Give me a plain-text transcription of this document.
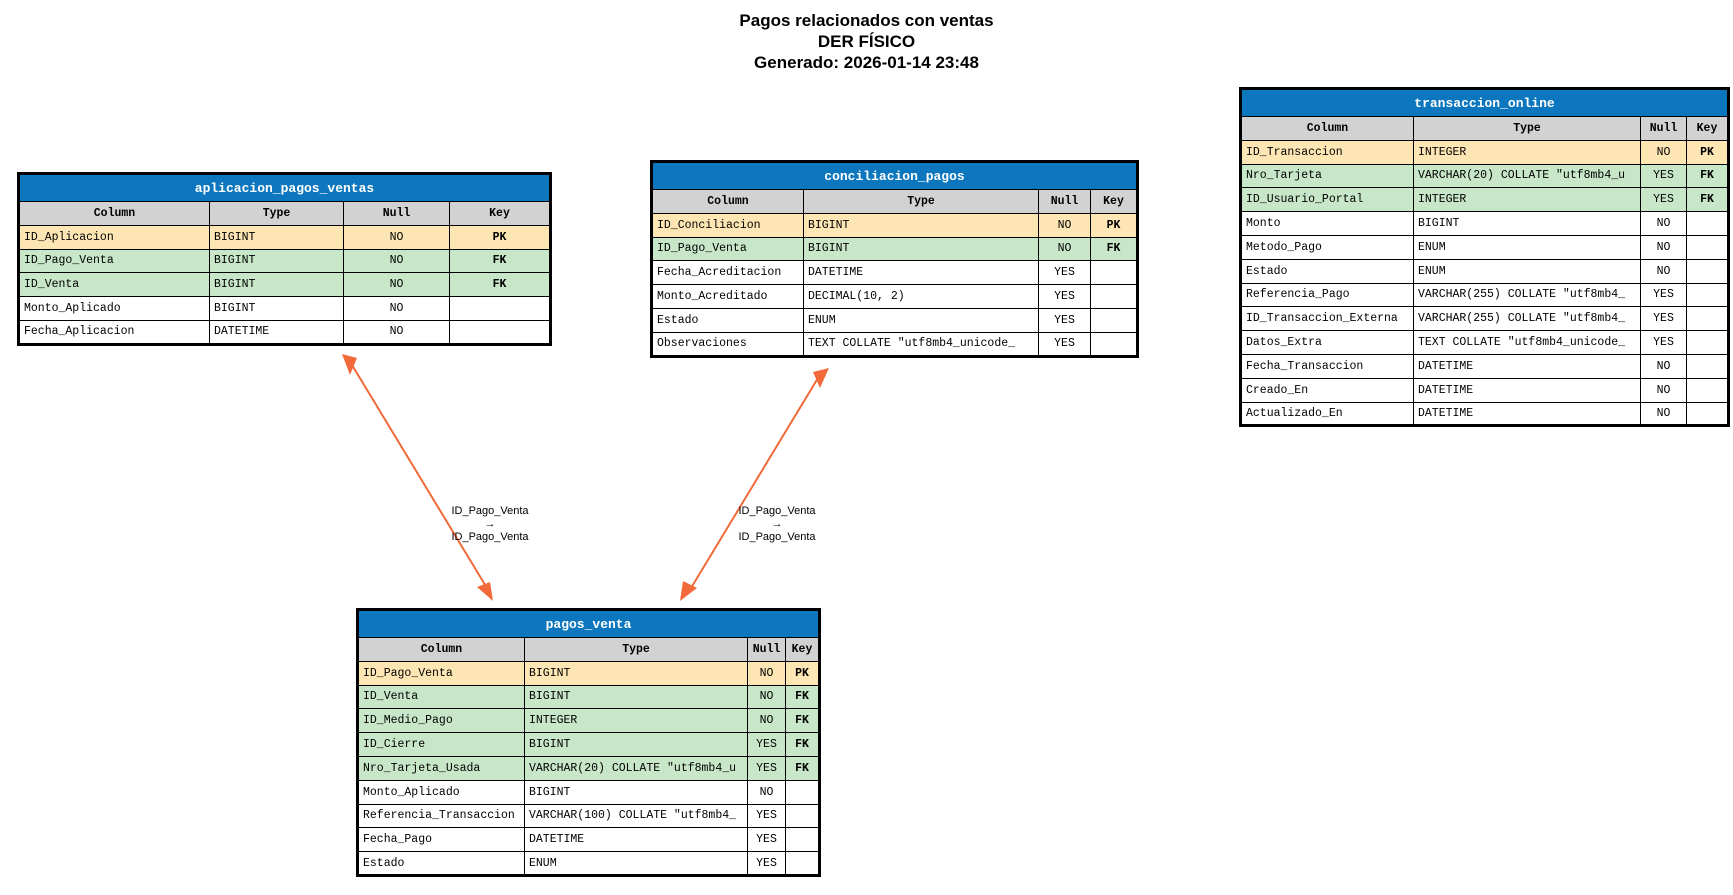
Pagos relacionados con ventas
DER FÍSICO
Generado: 2026-01-14 23:48
ID_Pago_Venta
→
ID_Pago_Venta
ID_Pago_Venta
→
ID_Pago_Venta
aplicacion_pagos_ventas			
Column	Type	Null	Key
ID_Aplicacion	BIGINT	NO	PK
ID_Pago_Venta	BIGINT	NO	FK
ID_Venta	BIGINT	NO	FK
Monto_Aplicado	BIGINT	NO	
Fecha_Aplicacion	DATETIME	NO	
conciliacion_pagos			
Column	Type	Null	Key
ID_Conciliacion	BIGINT	NO	PK
ID_Pago_Venta	BIGINT	NO	FK
Fecha_Acreditacion	DATETIME	YES	
Monto_Acreditado	DECIMAL(10, 2)	YES	
Estado	ENUM	YES	
Observaciones	TEXT COLLATE "utf8mb4_unicode_	YES	
transaccion_online			
Column	Type	Null	Key
ID_Transaccion	INTEGER	NO	PK
Nro_Tarjeta	VARCHAR(20) COLLATE "utf8mb4_u	YES	FK
ID_Usuario_Portal	INTEGER	YES	FK
Monto	BIGINT	NO	
Metodo_Pago	ENUM	NO	
Estado	ENUM	NO	
Referencia_Pago	VARCHAR(255) COLLATE "utf8mb4_	YES	
ID_Transaccion_Externa	VARCHAR(255) COLLATE "utf8mb4_	YES	
Datos_Extra	TEXT COLLATE "utf8mb4_unicode_	YES	
Fecha_Transaccion	DATETIME	NO	
Creado_En	DATETIME	NO	
Actualizado_En	DATETIME	NO	
pagos_venta			
Column	Type	Null	Key
ID_Pago_Venta	BIGINT	NO	PK
ID_Venta	BIGINT	NO	FK
ID_Medio_Pago	INTEGER	NO	FK
ID_Cierre	BIGINT	YES	FK
Nro_Tarjeta_Usada	VARCHAR(20) COLLATE "utf8mb4_u	YES	FK
Monto_Aplicado	BIGINT	NO	
Referencia_Transaccion	VARCHAR(100) COLLATE "utf8mb4_	YES	
Fecha_Pago	DATETIME	YES	
Estado	ENUM	YES	
